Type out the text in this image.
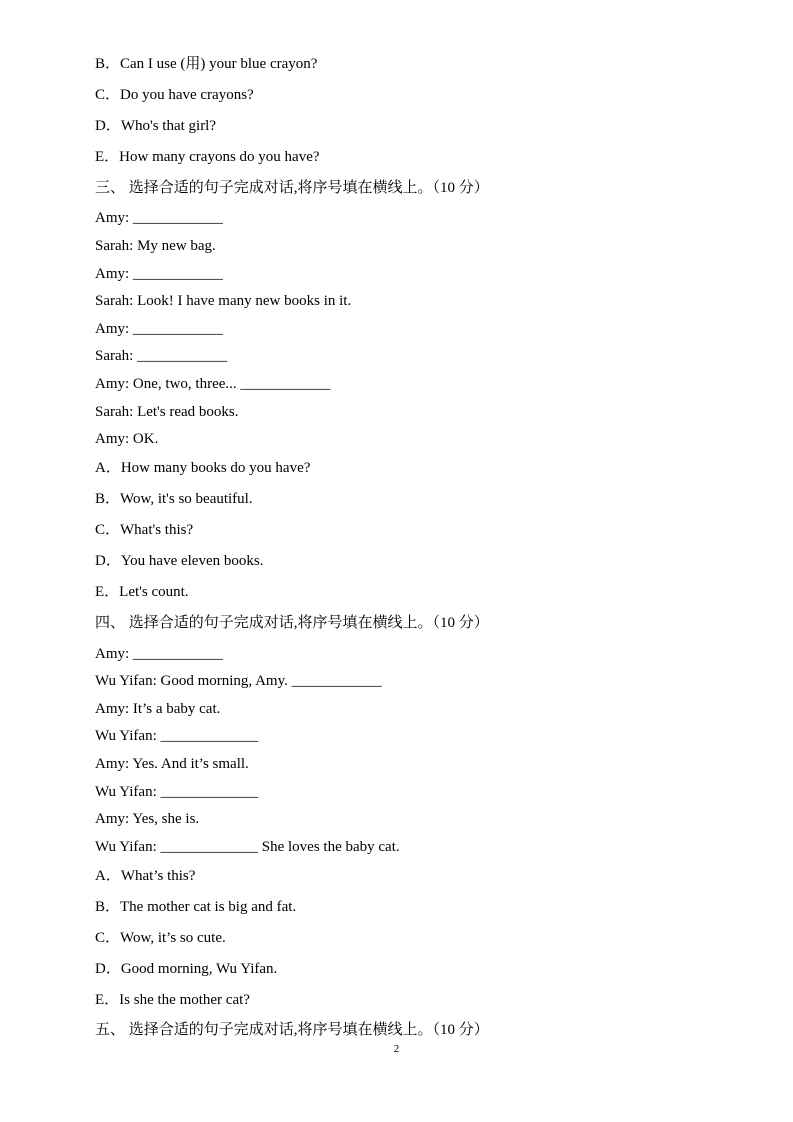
B．Can I use (用) your blue crayon?
C．Do you have crayons?
D．Who's that girl?
E．How many crayons do you have?
三、 选择合适的句子完成对话,将序号填在横线上。（10 分）
Amy: ____________
Sarah: My new bag.
Amy: ____________
Sarah: Look! I have many new books in it.
Amy: ____________
Sarah: ____________
Amy: One, two, three... ____________
Sarah: Let's read books.
Amy: OK.
A．How many books do you have?
B．Wow, it's so beautiful.
C．What's this?
D．You have eleven books.
E．Let's count.
四、 选择合适的句子完成对话,将序号填在横线上。（10 分）
Amy: ____________
Wu Yifan: Good morning, Amy. ____________
Amy: It’s a baby cat.
Wu Yifan: _____________
Amy: Yes. And it’s small.
Wu Yifan: _____________
Amy: Yes, she is.
Wu Yifan: _____________ She loves the baby cat.
A．What’s this?
B．The mother cat is big and fat.
C．Wow, it’s so cute.
D．Good morning, Wu Yifan.
E．Is she the mother cat?
五、 选择合适的句子完成对话,将序号填在横线上。（10 分）
2
